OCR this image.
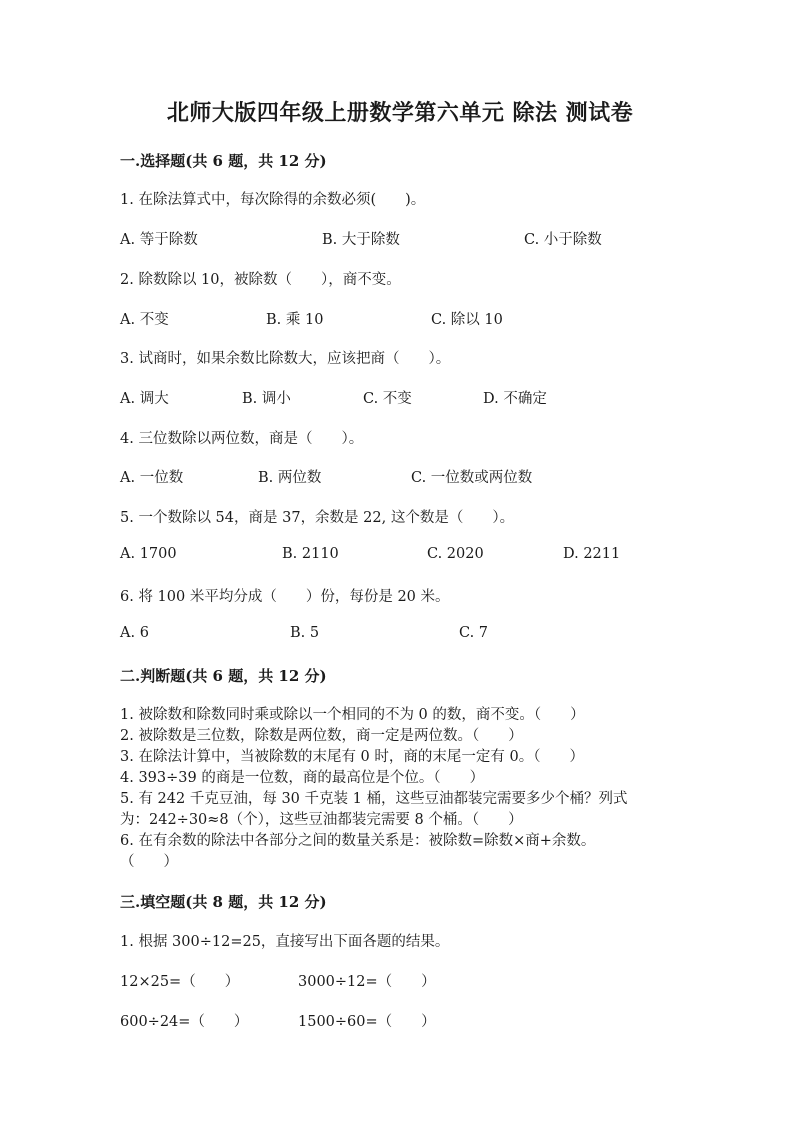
北师大版四年级上册数学第六单元 除法 测试卷
一.选择题(共 6 题，共 12 分)
1. 在除法算式中，每次除得的余数必须(　　)。
A. 等于除数	B. 大于除数	C. 小于除数
2. 除数除以 10，被除数（　　），商不变。
A. 不变	B. 乘 10	C. 除以 10
3. 试商时，如果余数比除数大，应该把商（　　）。
A. 调大	B. 调小	C. 不变	D. 不确定
4. 三位数除以两位数，商是（　　）。
A. 一位数	B. 两位数	C. 一位数或两位数
5. 一个数除以 54，商是 37，余数是 22, 这个数是（　　）。
A. 1700	B. 2110	C. 2020	D. 2211
6. 将 100 米平均分成（　　）份，每份是 20 米。
A. 6	B. 5	C. 7
二.判断题(共 6 题，共 12 分)
1. 被除数和除数同时乘或除以一个相同的不为 0 的数，商不变。（　　）
2. 被除数是三位数，除数是两位数，商一定是两位数。（　　）
3. 在除法计算中，当被除数的末尾有 0 时，商的末尾一定有 0。（　　）
4. 393÷39 的商是一位数，商的最高位是个位。（　　）
5. 有 242 千克豆油，每 30 千克装 1 桶，这些豆油都装完需要多少个桶？列式
为：242÷30≈8（个），这些豆油都装完需要 8 个桶。（　　）
6. 在有余数的除法中各部分之间的数量关系是：被除数=除数×商+余数。
（　　）
三.填空题(共 8 题，共 12 分)
1. 根据 300÷12=25，直接写出下面各题的结果。
12×25=（　　）	3000÷12=（　　）
600÷24=（　　）	1500÷60=（　　）
